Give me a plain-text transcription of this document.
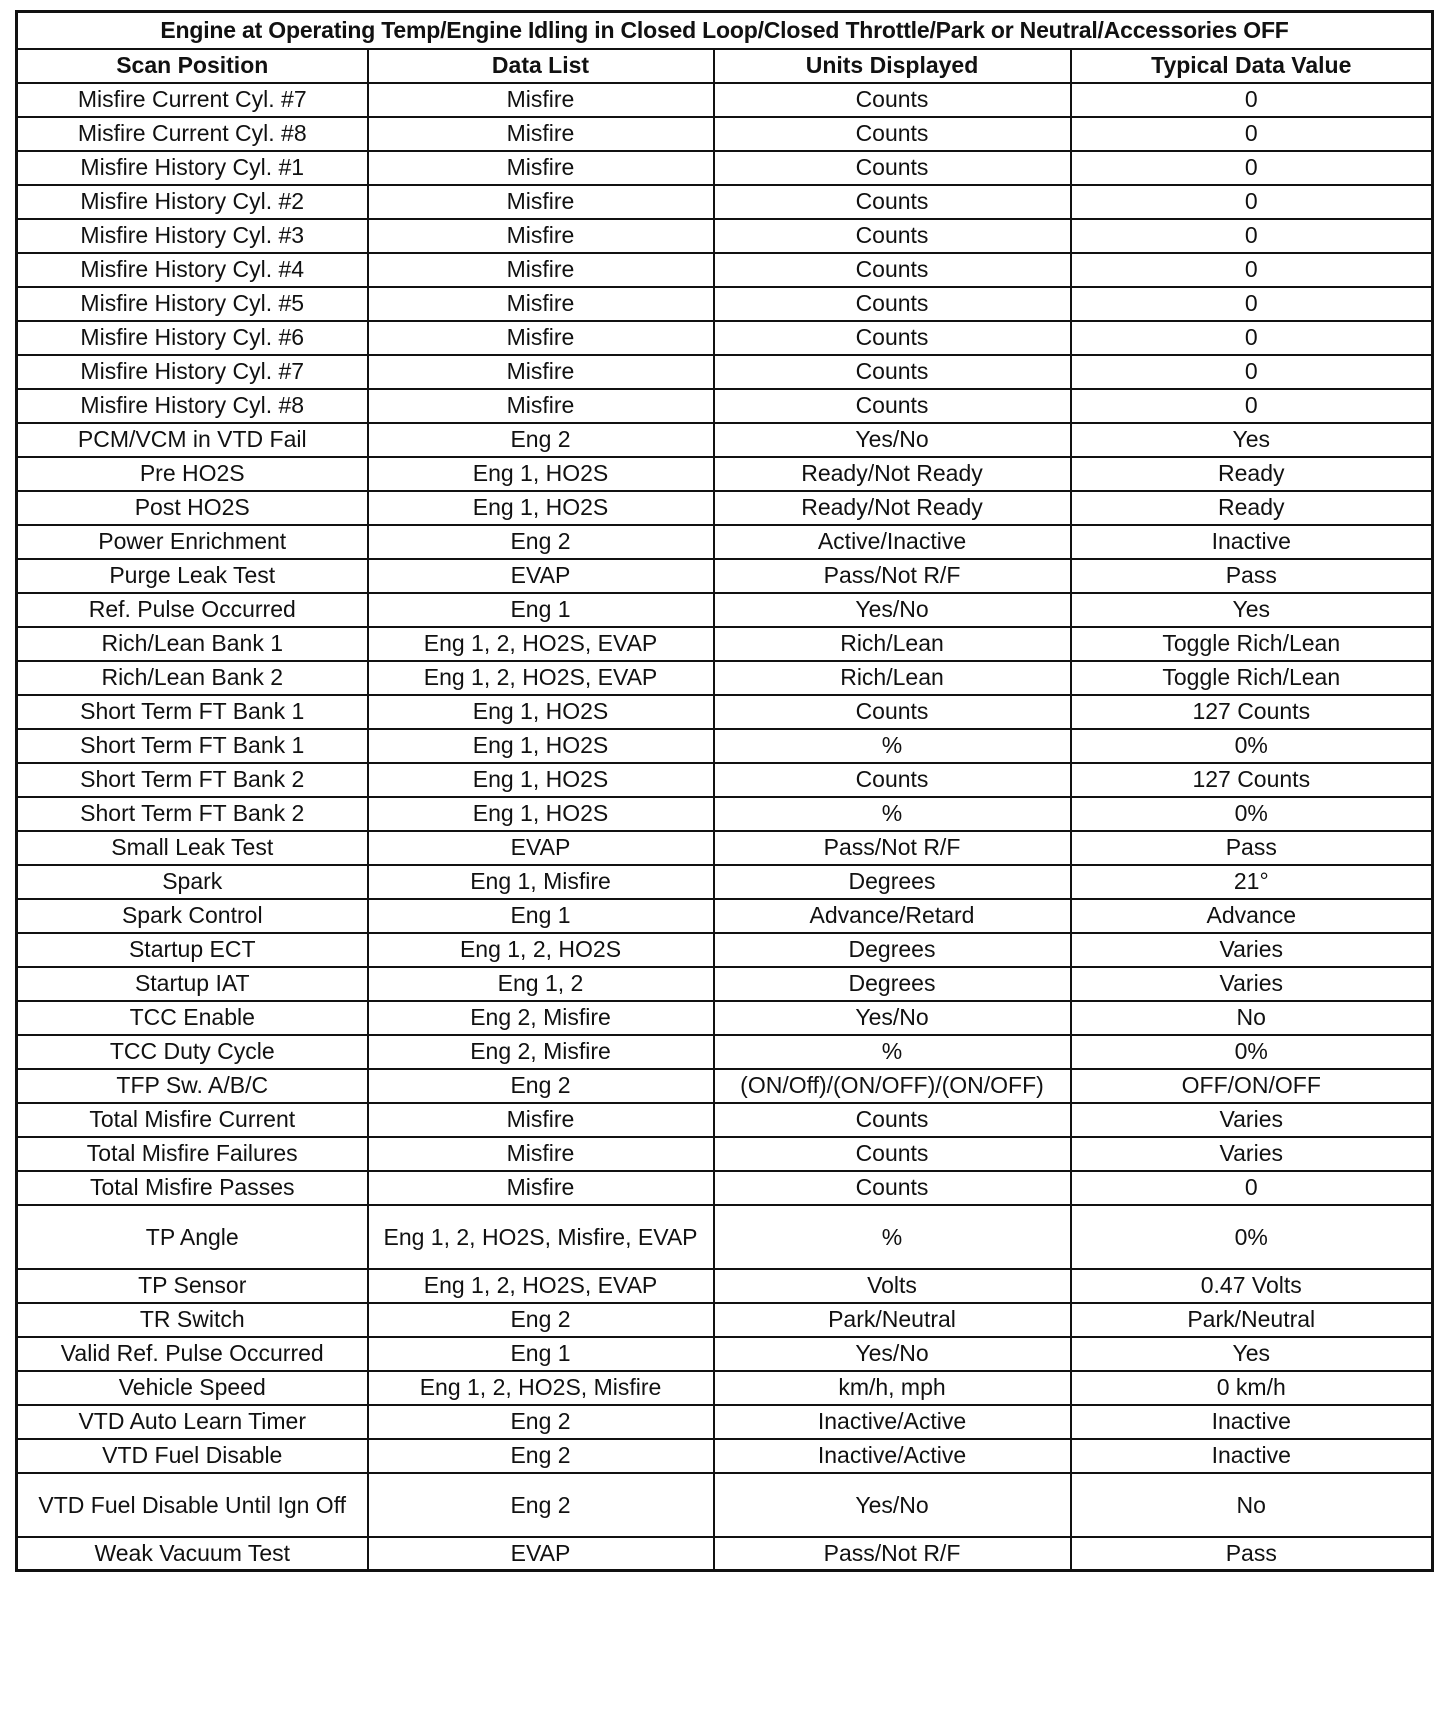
Engine at Operating Temp/Engine Idling in Closed Loop/Closed Throttle/Park or Neutral/Accessories OFF			
Scan Position	Data List	Units Displayed	Typical Data Value
Misfire Current Cyl. #7	Misfire	Counts	0
Misfire Current Cyl. #8	Misfire	Counts	0
Misfire History Cyl. #1	Misfire	Counts	0
Misfire History Cyl. #2	Misfire	Counts	0
Misfire History Cyl. #3	Misfire	Counts	0
Misfire History Cyl. #4	Misfire	Counts	0
Misfire History Cyl. #5	Misfire	Counts	0
Misfire History Cyl. #6	Misfire	Counts	0
Misfire History Cyl. #7	Misfire	Counts	0
Misfire History Cyl. #8	Misfire	Counts	0
PCM/VCM in VTD Fail	Eng 2	Yes/No	Yes
Pre HO2S	Eng 1, HO2S	Ready/Not Ready	Ready
Post HO2S	Eng 1, HO2S	Ready/Not Ready	Ready
Power Enrichment	Eng 2	Active/Inactive	Inactive
Purge Leak Test	EVAP	Pass/Not R/F	Pass
Ref. Pulse Occurred	Eng 1	Yes/No	Yes
Rich/Lean Bank 1	Eng 1, 2, HO2S, EVAP	Rich/Lean	Toggle Rich/Lean
Rich/Lean Bank 2	Eng 1, 2, HO2S, EVAP	Rich/Lean	Toggle Rich/Lean
Short Term FT Bank 1	Eng 1, HO2S	Counts	127 Counts
Short Term FT Bank 1	Eng 1, HO2S	%	0%
Short Term FT Bank 2	Eng 1, HO2S	Counts	127 Counts
Short Term FT Bank 2	Eng 1, HO2S	%	0%
Small Leak Test	EVAP	Pass/Not R/F	Pass
Spark	Eng 1, Misfire	Degrees	21°
Spark Control	Eng 1	Advance/Retard	Advance
Startup ECT	Eng 1, 2, HO2S	Degrees	Varies
Startup IAT	Eng 1, 2	Degrees	Varies
TCC Enable	Eng 2, Misfire	Yes/No	No
TCC Duty Cycle	Eng 2, Misfire	%	0%
TFP Sw. A/B/C	Eng 2	(ON/Off)/(ON/OFF)/(ON/OFF)	OFF/ON/OFF
Total Misfire Current	Misfire	Counts	Varies
Total Misfire Failures	Misfire	Counts	Varies
Total Misfire Passes	Misfire	Counts	0
TP Angle	Eng 1, 2, HO2S, Misfire, EVAP	%	0%
TP Sensor	Eng 1, 2, HO2S, EVAP	Volts	0.47 Volts
TR Switch	Eng 2	Park/Neutral	Park/Neutral
Valid Ref. Pulse Occurred	Eng 1	Yes/No	Yes
Vehicle Speed	Eng 1, 2, HO2S, Misfire	km/h, mph	0 km/h
VTD Auto Learn Timer	Eng 2	Inactive/Active	Inactive
VTD Fuel Disable	Eng 2	Inactive/Active	Inactive
VTD Fuel Disable Until Ign Off	Eng 2	Yes/No	No
Weak Vacuum Test	EVAP	Pass/Not R/F	Pass
